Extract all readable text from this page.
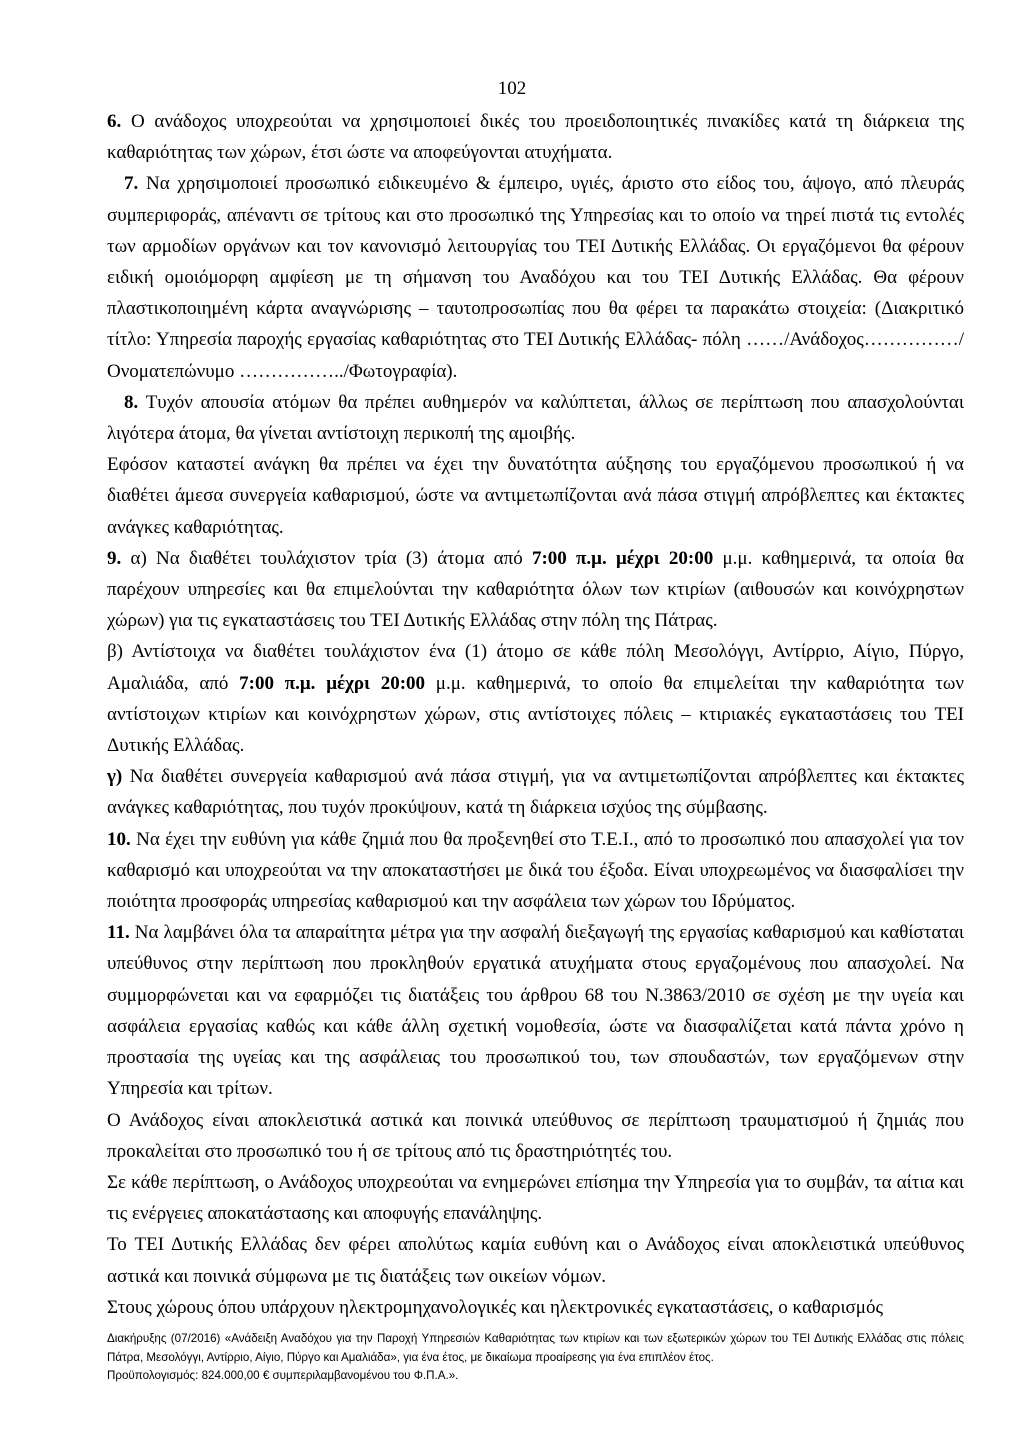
102

6. Ο ανάδοχος υποχρεούται να χρησιμοποιεί δικές του προειδοποιητικές πινακίδες κατά τη διάρκεια της καθαριότητας των χώρων, έτσι ώστε να αποφεύγονται ατυχήματα.

7. Να χρησιμοποιεί προσωπικό ειδικευμένο & έμπειρο, υγιές, άριστο στο είδος του, άψογο, από πλευράς συμπεριφοράς, απέναντι σε τρίτους και στο προσωπικό της Υπηρεσίας και το οποίο να τηρεί πιστά τις εντολές των αρμοδίων οργάνων και τον κανονισμό λειτουργίας του ΤΕΙ Δυτικής Ελλάδας. Οι εργαζόμενοι θα φέρουν ειδική ομοιόμορφη αμφίεση με τη σήμανση του Αναδόχου και του ΤΕΙ Δυτικής Ελλάδας. Θα φέρουν πλαστικοποιημένη κάρτα αναγνώρισης – ταυτοπροσωπίας που θα φέρει τα παρακάτω στοιχεία: (Διακριτικό τίτλο: Υπηρεσία παροχής εργασίας καθαριότητας στο ΤΕΙ Δυτικής Ελλάδας- πόλη ……/Ανάδοχος……………/Ονοματεπώνυμο ……………../Φωτογραφία).

8. Τυχόν απουσία ατόμων θα πρέπει αυθημερόν να καλύπτεται, άλλως σε περίπτωση που απασχολούνται λιγότερα άτομα, θα γίνεται αντίστοιχη περικοπή της αμοιβής.

Εφόσον καταστεί ανάγκη θα πρέπει να έχει την δυνατότητα αύξησης του εργαζόμενου προσωπικού ή να διαθέτει άμεσα συνεργεία καθαρισμού, ώστε να αντιμετωπίζονται ανά πάσα στιγμή απρόβλεπτες και έκτακτες ανάγκες καθαριότητας.

9. α) Να διαθέτει τουλάχιστον τρία (3) άτομα από 7:00 π.μ. μέχρι 20:00 μ.μ. καθημερινά, τα οποία θα παρέχουν υπηρεσίες και θα επιμελούνται την καθαριότητα όλων των κτιρίων (αιθουσών και κοινόχρηστων χώρων) για τις εγκαταστάσεις του ΤΕΙ Δυτικής Ελλάδας στην πόλη της Πάτρας.

β) Αντίστοιχα να διαθέτει τουλάχιστον ένα (1) άτομο σε κάθε πόλη Μεσολόγγι, Αντίρριο, Αίγιο, Πύργο, Αμαλιάδα, από 7:00 π.μ. μέχρι 20:00 μ.μ. καθημερινά, το οποίο θα επιμελείται την καθαριότητα των αντίστοιχων κτιρίων και κοινόχρηστων χώρων, στις αντίστοιχες πόλεις – κτιριακές εγκαταστάσεις του ΤΕΙ Δυτικής Ελλάδας.

γ) Να διαθέτει συνεργεία καθαρισμού ανά πάσα στιγμή, για να αντιμετωπίζονται απρόβλεπτες και έκτακτες ανάγκες καθαριότητας, που τυχόν προκύψουν, κατά τη διάρκεια ισχύος της σύμβασης.

10. Να έχει την ευθύνη για κάθε ζημιά που θα προξενηθεί στο Τ.Ε.Ι., από το προσωπικό που απασχολεί για τον καθαρισμό και υποχρεούται να την αποκαταστήσει με δικά του έξοδα. Είναι υποχρεωμένος να διασφαλίσει την ποιότητα προσφοράς υπηρεσίας καθαρισμού και την ασφάλεια των χώρων του Ιδρύματος.

11. Να λαμβάνει όλα τα απαραίτητα μέτρα για την ασφαλή διεξαγωγή της εργασίας καθαρισμού και καθίσταται υπεύθυνος στην περίπτωση που προκληθούν εργατικά ατυχήματα στους εργαζομένους που απασχολεί. Να συμμορφώνεται και να εφαρμόζει τις διατάξεις του άρθρου 68 του Ν.3863/2010 σε σχέση με την υγεία και ασφάλεια εργασίας καθώς και κάθε άλλη σχετική νομοθεσία, ώστε να διασφαλίζεται κατά πάντα χρόνο η προστασία της υγείας και της ασφάλειας του προσωπικού του, των σπουδαστών, των εργαζόμενων στην Υπηρεσία και τρίτων.

Ο Ανάδοχος είναι αποκλειστικά αστικά και ποινικά υπεύθυνος σε περίπτωση τραυματισμού ή ζημιάς που προκαλείται στο προσωπικό του ή σε τρίτους από τις δραστηριότητές του.

Σε κάθε περίπτωση, ο Ανάδοχος υποχρεούται να ενημερώνει επίσημα την Υπηρεσία για το συμβάν, τα αίτια και τις ενέργειες αποκατάστασης και αποφυγής επανάληψης.

Το ΤΕΙ Δυτικής Ελλάδας δεν φέρει απολύτως καμία ευθύνη και ο Ανάδοχος είναι αποκλειστικά υπεύθυνος αστικά και ποινικά σύμφωνα με τις διατάξεις των οικείων νόμων.

Στους χώρους όπου υπάρχουν ηλεκτρομηχανολογικές και ηλεκτρονικές εγκαταστάσεις, ο καθαρισμός

Διακήρυξης (07/2016) «Ανάδειξη Αναδόχου για την Παροχή Υπηρεσιών Καθαριότητας των κτιρίων και των εξωτερικών χώρων του ΤΕΙ Δυτικής Ελλάδας στις πόλεις Πάτρα, Μεσολόγγι, Αντίρριο, Αίγιο, Πύργο και Αμαλιάδα», για ένα έτος, με δικαίωμα προαίρεσης για ένα επιπλέον έτος.

Προϋπολογισμός: 824.000,00 € συμπεριλαμβανομένου του Φ.Π.Α.».
